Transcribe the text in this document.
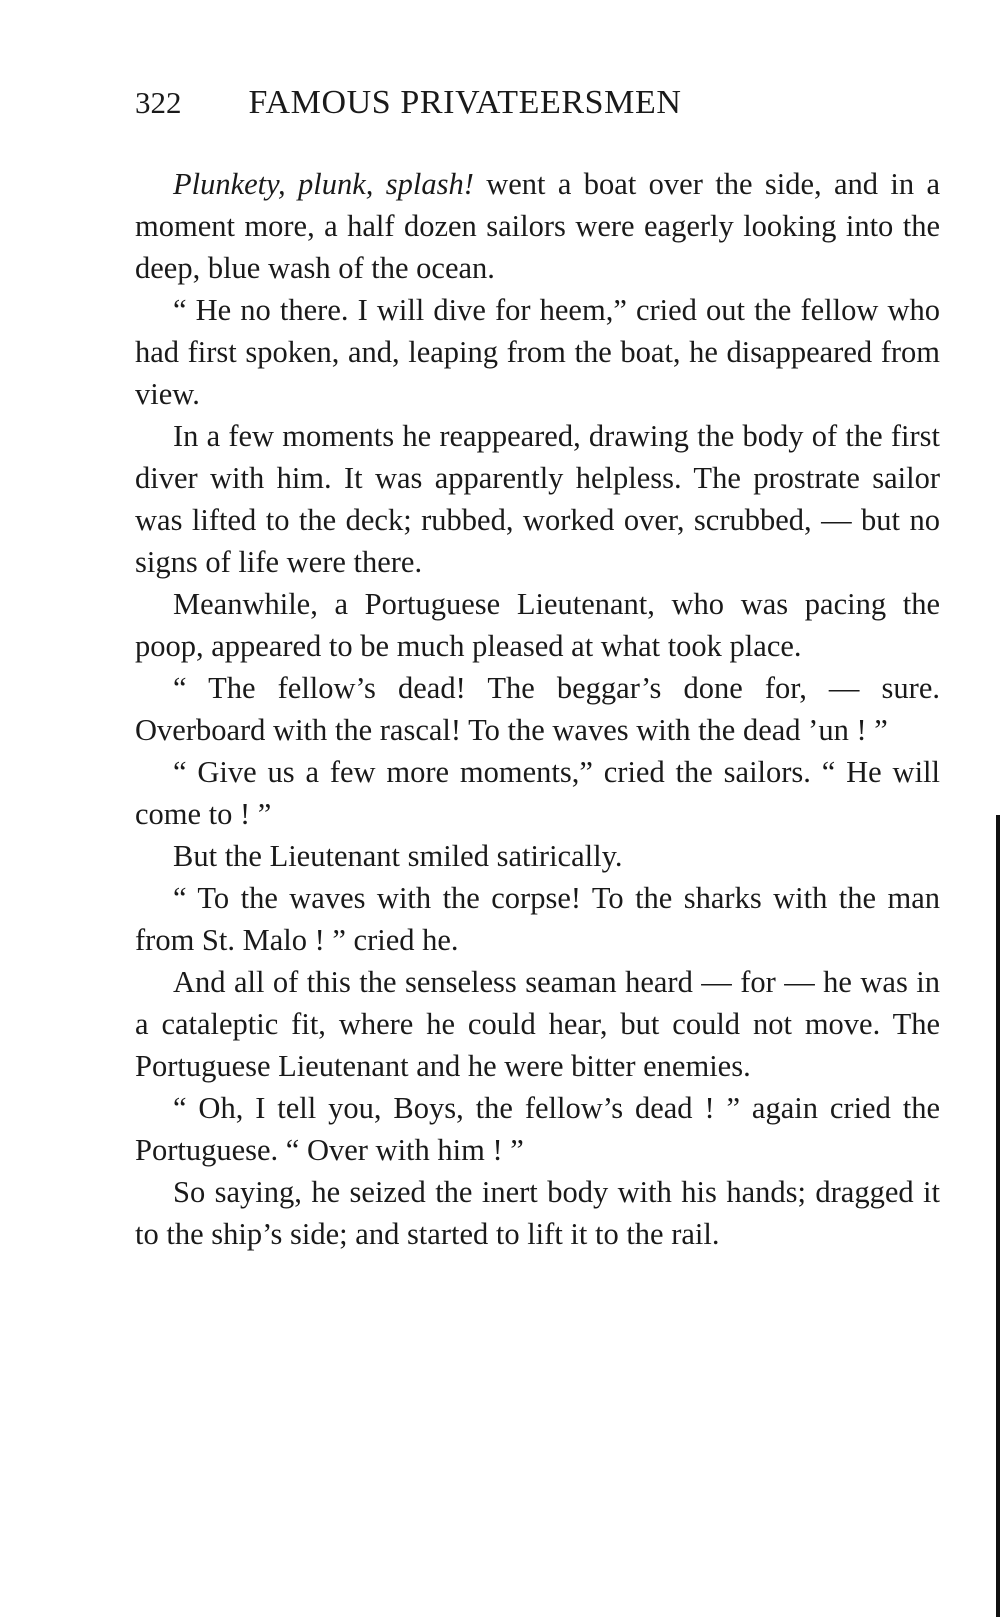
322 FAMOUS PRIVATEERSMEN

Plunkety, plunk, splash! went a boat over the side, and in a moment more, a half dozen sailors were eagerly looking into the deep, blue wash of the ocean.

“ He no there. I will dive for heem,” cried out the fellow who had first spoken, and, leaping from the boat, he disappeared from view.

In a few moments he reappeared, drawing the body of the first diver with him. It was apparently helpless. The prostrate sailor was lifted to the deck; rubbed, worked over, scrubbed, — but no signs of life were there.

Meanwhile, a Portuguese Lieutenant, who was pacing the poop, appeared to be much pleased at what took place.

“ The fellow’s dead! The beggar’s done for, — sure. Overboard with the rascal! To the waves with the dead ’un ! ”

“ Give us a few more moments,” cried the sailors. “ He will come to ! ”

But the Lieutenant smiled satirically.

“ To the waves with the corpse! To the sharks with the man from St. Malo ! ” cried he.

And all of this the senseless seaman heard — for — he was in a cataleptic fit, where he could hear, but could not move. The Portuguese Lieutenant and he were bitter enemies.

“ Oh, I tell you, Boys, the fellow’s dead ! ” again cried the Portuguese. “ Over with him ! ”

So saying, he seized the inert body with his hands; dragged it to the ship’s side; and started to lift it to the rail.
